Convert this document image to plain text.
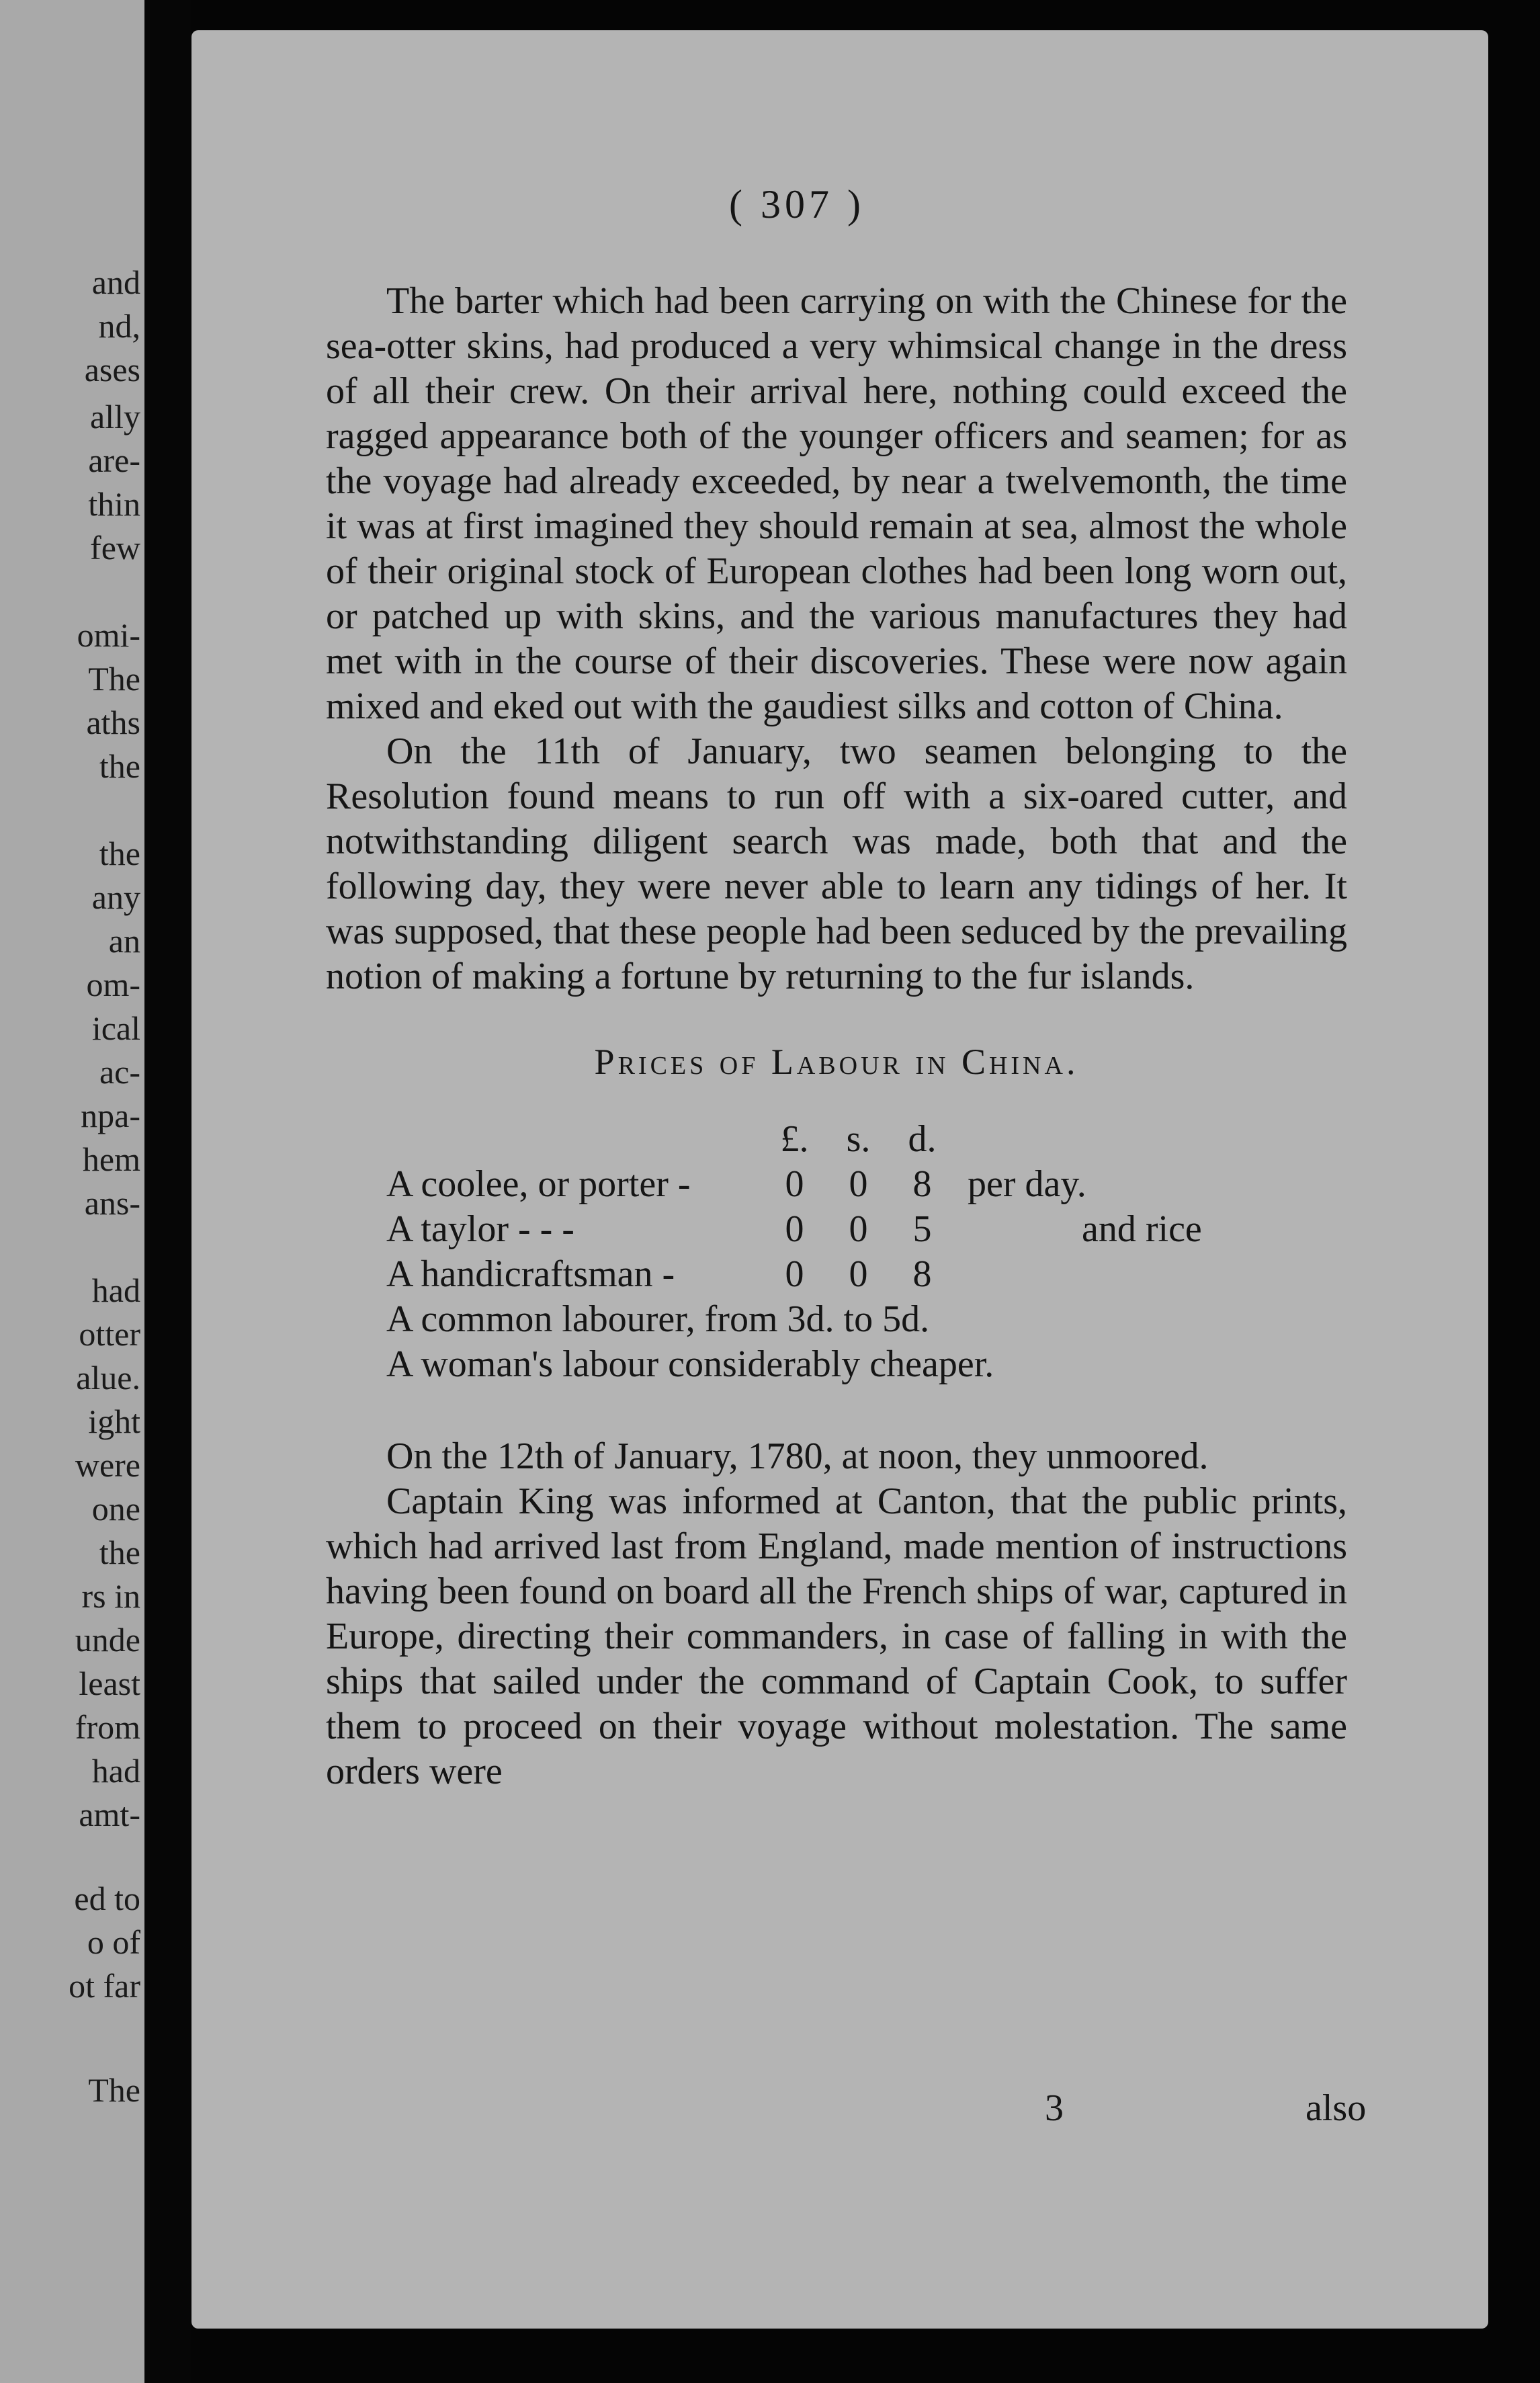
and

nd,

ases

ally

are-

thin

few

omi-

The

aths

the

the

any

an

om-

ical

ac-

npa-

hem

ans-

had

otter

alue.

ight

were

one

the

rs in

unde

least

from

had

amt-

ed to

o of

ot far

The

( 307 )

The barter which had been carrying on with the Chinese for the sea-otter skins, had produced a very whimsical change in the dress of all their crew. On their arrival here, nothing could exceed the ragged appearance both of the younger officers and seamen; for as the voyage had already exceeded, by near a twelvemonth, the time it was at first imagined they should remain at sea, almost the whole of their original stock of European clothes had been long worn out, or patched up with skins, and the various manufactures they had met with in the course of their discoveries. These were now again mixed and eked out with the gaudiest silks and cotton of China.

On the 11th of January, two seamen belonging to the Resolution found means to run off with a six-oared cutter, and notwithstanding diligent search was made, both that and the following day, they were never able to learn any tidings of her. It was supposed, that these people had been seduced by the prevailing notion of making a fortune by returning to the fur islands.

Prices of Labour in China.
	£.	s.	d.	
A coolee, or porter -	0	0	8	per day.
A taylor - - -	0	0	5	and rice
A handicraftsman -	0	0	8	

A common labourer, from 3d. to 5d.

A woman's labour considerably cheaper.

On the 12th of January, 1780, at noon, they unmoored.

Captain King was informed at Canton, that the public prints, which had arrived last from England, made mention of instructions having been found on board all the French ships of war, captured in Europe, directing their commanders, in case of falling in with the ships that sailed under the command of Captain Cook, to suffer them to proceed on their voyage without molestation. The same orders were

3	also
